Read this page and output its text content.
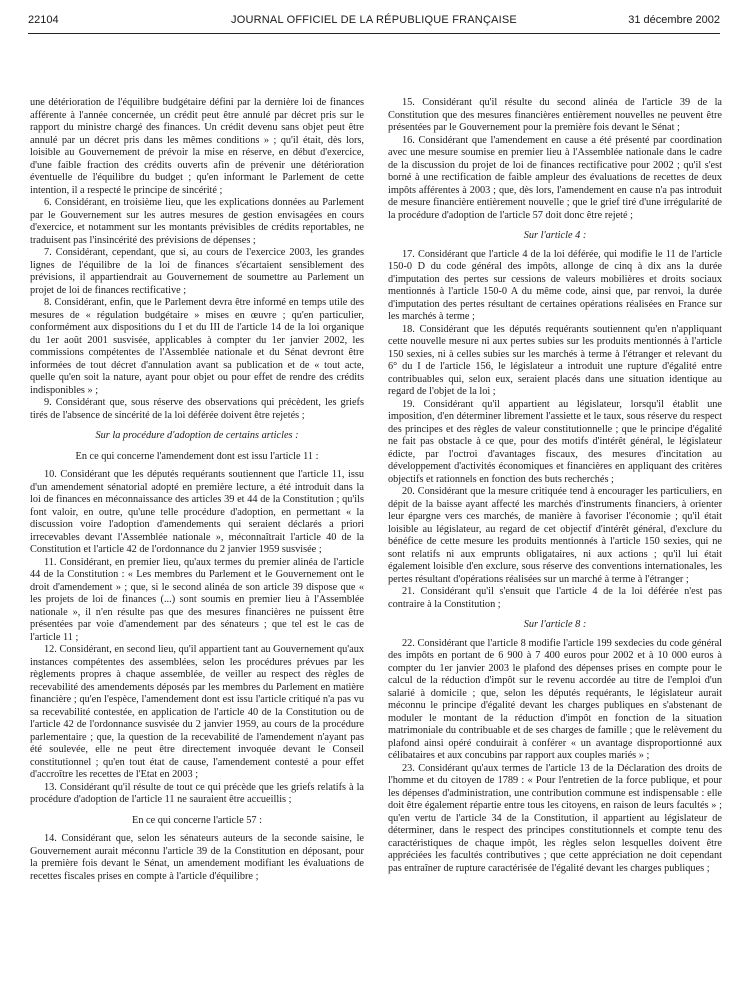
22104	JOURNAL OFFICIEL DE LA RÉPUBLIQUE FRANÇAISE	31 décembre 2002

une détérioration de l'équilibre budgétaire défini par la dernière loi de finances afférente à l'année concernée, un crédit peut être annulé par décret pris sur le rapport du ministre chargé des finances. Un crédit devenu sans objet peut être annulé par un décret pris dans les mêmes conditions » ; qu'il était, dès lors, loisible au Gouvernement de prévoir la mise en réserve, en début d'exercice, d'une faible fraction des crédits ouverts afin de prévenir une détérioration éventuelle de l'équilibre du budget ; qu'en informant le Parlement de cette intention, il a respecté le principe de sincérité ;

6. Considérant, en troisième lieu, que les explications données au Parlement par le Gouvernement sur les autres mesures de gestion envisagées en cours d'exercice, et notamment sur les montants prévisibles de crédits reportables, ne traduisent pas l'insincérité des prévisions de dépenses ;

7. Considérant, cependant, que si, au cours de l'exercice 2003, les grandes lignes de l'équilibre de la loi de finances s'écartaient sensiblement des prévisions, il appartiendrait au Gouvernement de soumettre au Parlement un projet de loi de finances rectificative ;

8. Considérant, enfin, que le Parlement devra être informé en temps utile des mesures de « régulation budgétaire » mises en œuvre ; qu'en particulier, conformément aux dispositions du I et du III de l'article 14 de la loi organique du 1er août 2001 susvisée, applicables à compter du 1er janvier 2002, les commissions compétentes de l'Assemblée nationale et du Sénat devront être informées de tout décret d'annulation avant sa publication et de « tout acte, quelle qu'en soit la nature, ayant pour objet ou pour effet de rendre des crédits indisponibles » ;

9. Considérant que, sous réserve des observations qui précèdent, les griefs tirés de l'absence de sincérité de la loi déférée doivent être rejetés ;

Sur la procédure d'adoption de certains articles :

En ce qui concerne l'amendement dont est issu l'article 11 :

10. Considérant que les députés requérants soutiennent que l'article 11, issu d'un amendement sénatorial adopté en première lecture, a été introduit dans la loi de finances en méconnaissance des articles 39 et 44 de la Constitution ; qu'ils font valoir, en outre, qu'une telle procédure d'adoption, en permettant « la discussion voire l'adoption d'amendements qui seraient déclarés a priori irrecevables devant l'Assemblée nationale », méconnaîtrait l'article 40 de la Constitution et l'article 42 de l'ordonnance du 2 janvier 1959 susvisée ;

11. Considérant, en premier lieu, qu'aux termes du premier alinéa de l'article 44 de la Constitution : « Les membres du Parlement et le Gouvernement ont le droit d'amendement » ; que, si le second alinéa de son article 39 dispose que « les projets de loi de finances (...) sont soumis en premier lieu à l'Assemblée nationale », il n'en résulte pas que des mesures financières ne puissent être présentées par voie d'amendement par des sénateurs ; que tel est le cas de l'article 11 ;

12. Considérant, en second lieu, qu'il appartient tant au Gouvernement qu'aux instances compétentes des assemblées, selon les procédures prévues par les règlements propres à chaque assemblée, de veiller au respect des règles de recevabilité des amendements déposés par les membres du Parlement en matière financière ; qu'en l'espèce, l'amendement dont est issu l'article critiqué n'a pas vu sa recevabilité contestée, en application de l'article 40 de la Constitution ou de l'article 42 de l'ordonnance susvisée du 2 janvier 1959, au cours de la procédure parlementaire ; que, la question de la recevabilité de l'amendement n'ayant pas été soulevée, elle ne peut être directement invoquée devant le Conseil constitutionnel ; qu'en tout état de cause, l'amendement contesté a pour effet d'accroître les recettes de l'Etat en 2003 ;

13. Considérant qu'il résulte de tout ce qui précède que les griefs relatifs à la procédure d'adoption de l'article 11 ne sauraient être accueillis ;

En ce qui concerne l'article 57 :

14. Considérant que, selon les sénateurs auteurs de la seconde saisine, le Gouvernement aurait méconnu l'article 39 de la Constitution en déposant, pour la première fois devant le Sénat, un amendement modifiant les évaluations de recettes fiscales prises en compte à l'article d'équilibre ;

15. Considérant qu'il résulte du second alinéa de l'article 39 de la Constitution que des mesures financières entièrement nouvelles ne peuvent être présentées par le Gouvernement pour la première fois devant le Sénat ;

16. Considérant que l'amendement en cause a été présenté par coordination avec une mesure soumise en premier lieu à l'Assemblée nationale dans le cadre de la discussion du projet de loi de finances rectificative pour 2002 ; qu'il s'est borné à une rectification de faible ampleur des évaluations de recettes de deux impôts afférentes à 2003 ; que, dès lors, l'amendement en cause n'a pas introduit de mesure financière entièrement nouvelle ; que le grief tiré d'une irrégularité de la procédure d'adoption de l'article 57 doit donc être rejeté ;

Sur l'article 4 :

17. Considérant que l'article 4 de la loi déférée, qui modifie le 11 de l'article 150-0 D du code général des impôts, allonge de cinq à dix ans la durée d'imputation des pertes sur cessions de valeurs mobilières et droits sociaux mentionnés à l'article 150-0 A du même code, ainsi que, par renvoi, la durée d'imputation des pertes résultant de certaines opérations réalisées en France sur les marchés à terme ;

18. Considérant que les députés requérants soutiennent qu'en n'appliquant cette nouvelle mesure ni aux pertes subies sur les produits mentionnés à l'article 150 sexies, ni à celles subies sur les marchés à terme à l'étranger et relevant du 6° du I de l'article 156, le législateur a introduit une rupture d'égalité entre contribuables qui, selon eux, seraient placés dans une situation identique au regard de l'objet de la loi ;

19. Considérant qu'il appartient au législateur, lorsqu'il établit une imposition, d'en déterminer librement l'assiette et le taux, sous réserve du respect des principes et des règles de valeur constitutionnelle ; que le principe d'égalité ne fait pas obstacle à ce que, pour des motifs d'intérêt général, le législateur édicte, par l'octroi d'avantages fiscaux, des mesures d'incitation au développement d'activités économiques et financières en appliquant des critères objectifs et rationnels en fonction des buts recherchés ;

20. Considérant que la mesure critiquée tend à encourager les particuliers, en dépit de la baisse ayant affecté les marchés d'instruments financiers, à orienter leur épargne vers ces marchés, de manière à favoriser l'économie ; qu'il était loisible au législateur, au regard de cet objectif d'intérêt général, d'exclure du bénéfice de cette mesure les produits mentionnés à l'article 150 sexies, qui ne sont relatifs ni aux emprunts obligataires, ni aux actions ; qu'il lui était également loisible d'en exclure, sous réserve des conventions internationales, les pertes résultant d'opérations réalisées sur un marché à terme à l'étranger ;

21. Considérant qu'il s'ensuit que l'article 4 de la loi déférée n'est pas contraire à la Constitution ;

Sur l'article 8 :

22. Considérant que l'article 8 modifie l'article 199 sexdecies du code général des impôts en portant de 6 900 à 7 400 euros pour 2002 et à 10 000 euros à compter du 1er janvier 2003 le plafond des dépenses prises en compte pour le calcul de la réduction d'impôt sur le revenu accordée au titre de l'emploi d'un salarié à domicile ; que, selon les députés requérants, le législateur aurait méconnu le principe d'égalité devant les charges publiques en s'abstenant de moduler le montant de la réduction d'impôt en fonction de la situation matrimoniale du contribuable et de ses charges de famille ; que le relèvement du plafond ainsi opéré conduirait à conférer « un avantage disproportionné aux célibataires et aux concubins par rapport aux couples mariés » ;

23. Considérant qu'aux termes de l'article 13 de la Déclaration des droits de l'homme et du citoyen de 1789 : « Pour l'entretien de la force publique, et pour les dépenses d'administration, une contribution commune est indispensable : elle doit être également répartie entre tous les citoyens, en raison de leurs facultés » ; qu'en vertu de l'article 34 de la Constitution, il appartient au législateur de déterminer, dans le respect des principes constitutionnels et compte tenu des caractéristiques de chaque impôt, les règles selon lesquelles doivent être appréciées les facultés contributives ; que cette appréciation ne doit cependant pas entraîner de rupture caractérisée de l'égalité devant les charges publiques ;
